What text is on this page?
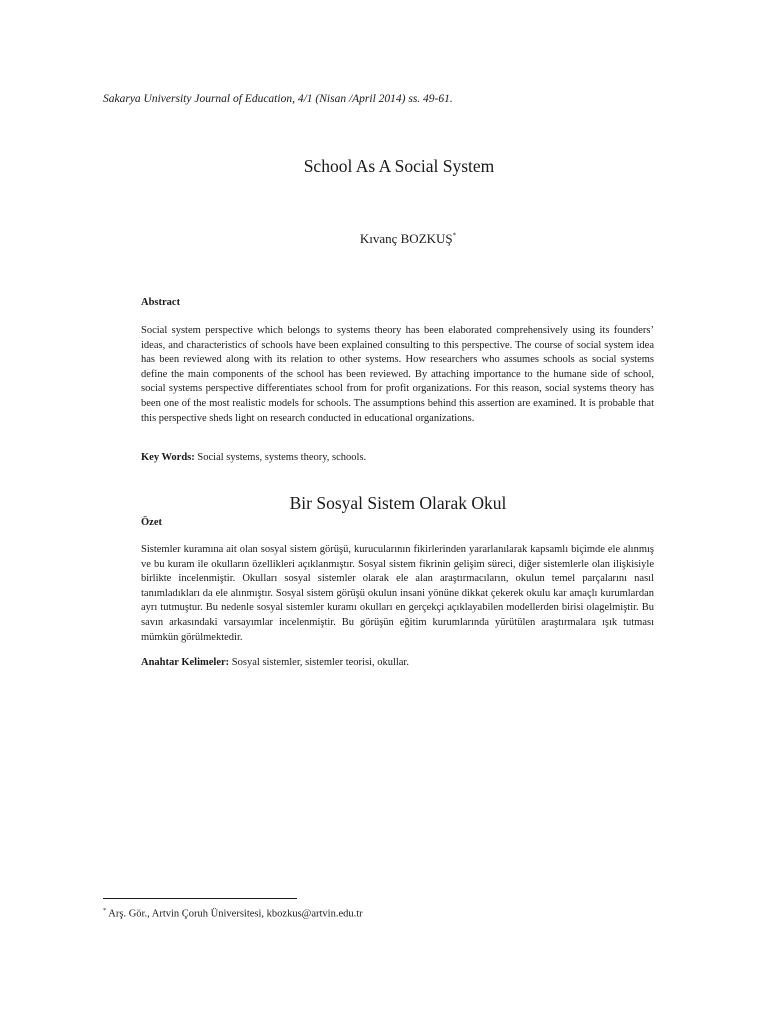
Sakarya University Journal of Education, 4/1 (Nisan /April 2014) ss. 49-61.
School As A Social System
Kıvanç BOZKUŞ*
Abstract

Social system perspective which belongs to systems theory has been elaborated comprehensively using its founders’ ideas, and characteristics of schools have been explained consulting to this perspective. The course of social system idea has been reviewed along with its relation to other systems. How researchers who assumes schools as social systems define the main components of the school has been reviewed. By attaching importance to the humane side of school, social systems perspective differentiates school from for profit organizations. For this reason, social systems theory has been one of the most realistic models for schools. The assumptions behind this assertion are examined. It is probable that this perspective sheds light on research conducted in educational organizations.

Key Words: Social systems, systems theory, schools.

Bir Sosyal Sistem Olarak Okul
Özet

Sistemler kuramına ait olan sosyal sistem görüşü, kurucularının fikirlerinden yararlanılarak kapsamlı biçimde ele alınmış ve bu kuram ile okulların özellikleri açıklanmıştır. Sosyal sistem fikrinin gelişim süreci, diğer sistemlerle olan ilişkisiyle birlikte incelenmiştir. Okulları sosyal sistemler olarak ele alan araştırmacıların, okulun temel parçalarını nasıl tanımladıkları da ele alınmıştır. Sosyal sistem görüşü okulun insani yönüne dikkat çekerek okulu kar amaçlı kurumlardan ayrı tutmuştur. Bu nedenle sosyal sistemler kuramı okulları en gerçekçi açıklayabilen modellerden birisi olagelmiştir. Bu savın arkasındaki varsayımlar incelenmiştir. Bu görüşün eğitim kurumlarında yürütülen araştırmalara ışık tutması mümkün görülmektedir.

Anahtar Kelimeler: Sosyal sistemler, sistemler teorisi, okullar.

* Arş. Gör., Artvin Çoruh Üniversitesi, kbozkus@artvin.edu.tr
